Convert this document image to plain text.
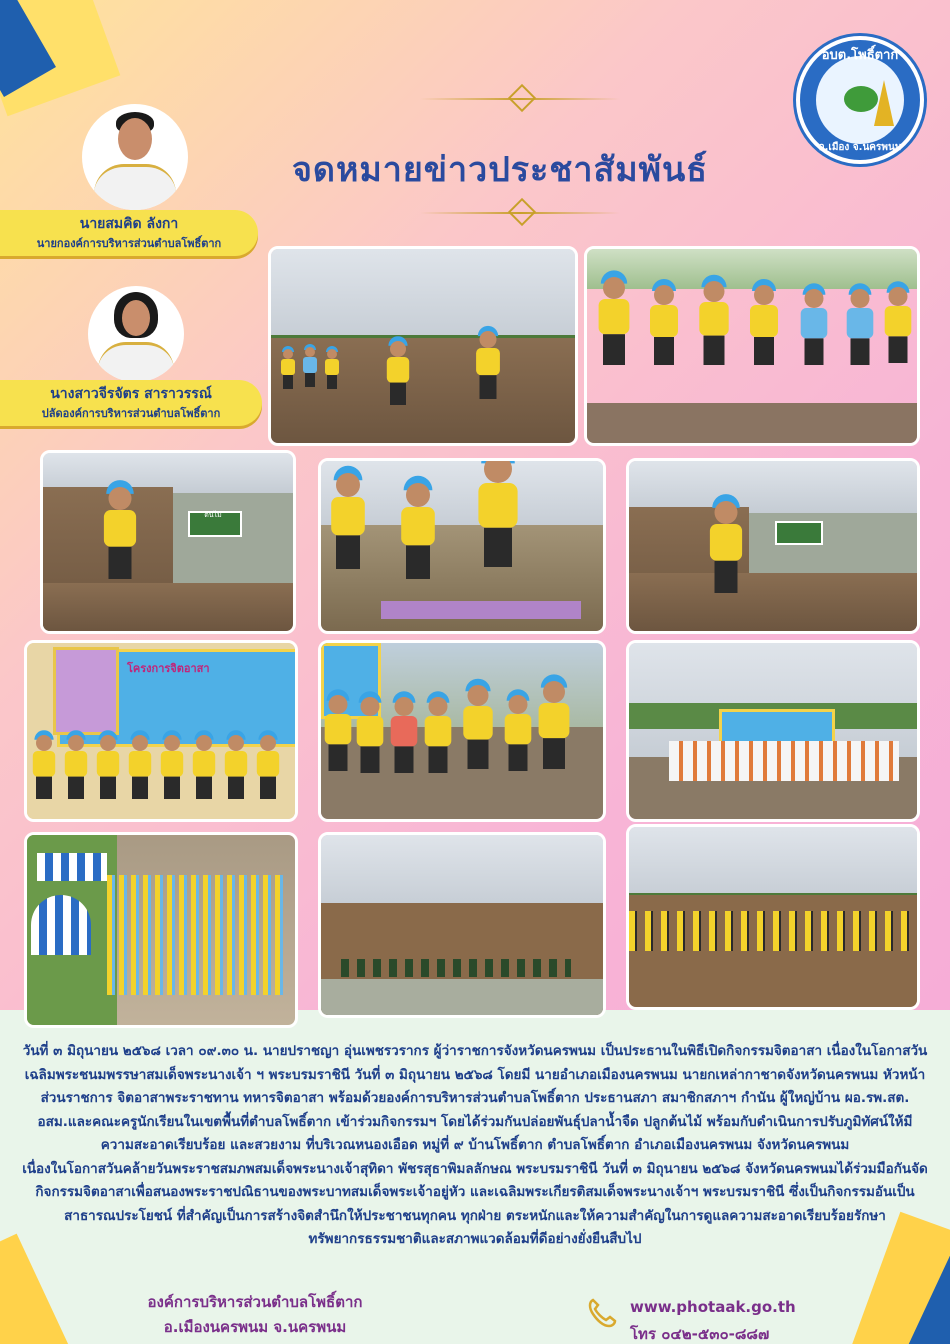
จดหมายข่าวประชาสัมพันธ์
อบต.โพธิ์ตาก
อ.เมือง จ.นครพนม
นายสมคิด ลังกา
นายกองค์การบริหารส่วนตำบลโพธิ์ตาก
นางสาวจีรจัตร สาราวรรณ์
ปลัดองค์การบริหารส่วนตำบลโพธิ์ตาก
โครงการจิตอาสา
ต้นไม้

วันที่ ๓ มิถุนายน ๒๕๖๘ เวลา ๐๙.๓๐ น. นายปราชญา อุ่นเพชรวรากร ผู้ว่าราชการจังหวัดนครพนม เป็นประธานในพิธีเปิดกิจกรรมจิตอาสา เนื่องในโอกาสวันเฉลิมพระชนมพรรษาสมเด็จพระนางเจ้า ฯ พระบรมราชินี วันที่ ๓ มิถุนายน ๒๕๖๘ โดยมี นายอำเภอเมืองนครพนม นายกเหล่ากาชาดจังหวัดนครพนม หัวหน้าส่วนราชการ จิตอาสาพระราชทาน ทหารจิตอาสา พร้อมด้วยองค์การบริหารส่วนตำบลโพธิ์ตาก ประธานสภา สมาชิกสภาฯ กำนัน ผู้ใหญ่บ้าน ผอ.รพ.สต. อสม.และคณะครูนักเรียนในเขตพื้นที่ตำบลโพธิ์ตาก เข้าร่วมกิจกรรมฯ โดยได้ร่วมกันปล่อยพันธุ์ปลาน้ำจืด ปลูกต้นไม้ พร้อมกับดำเนินการปรับภูมิทัศน์ให้มีความสะอาดเรียบร้อย และสวยงาม ที่บริเวณหนองเอือด หมู่ที่ ๙ บ้านโพธิ์ตาก ตำบลโพธิ์ตาก อำเภอเมืองนครพนม จังหวัดนครพนม

เนื่องในโอกาสวันคล้ายวันพระราชสมภพสมเด็จพระนางเจ้าสุทิดา พัชรสุธาพิมลลักษณ พระบรมราชินี วันที่ ๓ มิถุนายน ๒๕๖๘ จังหวัดนครพนมได้ร่วมมือกันจัดกิจกรรมจิตอาสาเพื่อสนองพระราชปณิธานของพระบาทสมเด็จพระเจ้าอยู่หัว และเฉลิมพระเกียรติสมเด็จพระนางเจ้าฯ พระบรมราชินี ซึ่งเป็นกิจกรรมอันเป็นสาธารณประโยชน์ ที่สำคัญเป็นการสร้างจิตสำนึกให้ประชาชนทุกคน ทุกฝ่าย ตระหนักและให้ความสำคัญในการดูแลความสะอาดเรียบร้อยรักษาทรัพยากรธรรมชาติและสภาพแวดล้อมที่ดีอย่างยั่งยืนสืบไป

องค์การบริหารส่วนตำบลโพธิ์ตาก
อ.เมืองนครพนม จ.นครพนม
www.photaak.go.th
โทร ๐๔๒-๕๓๐-๘๘๗
